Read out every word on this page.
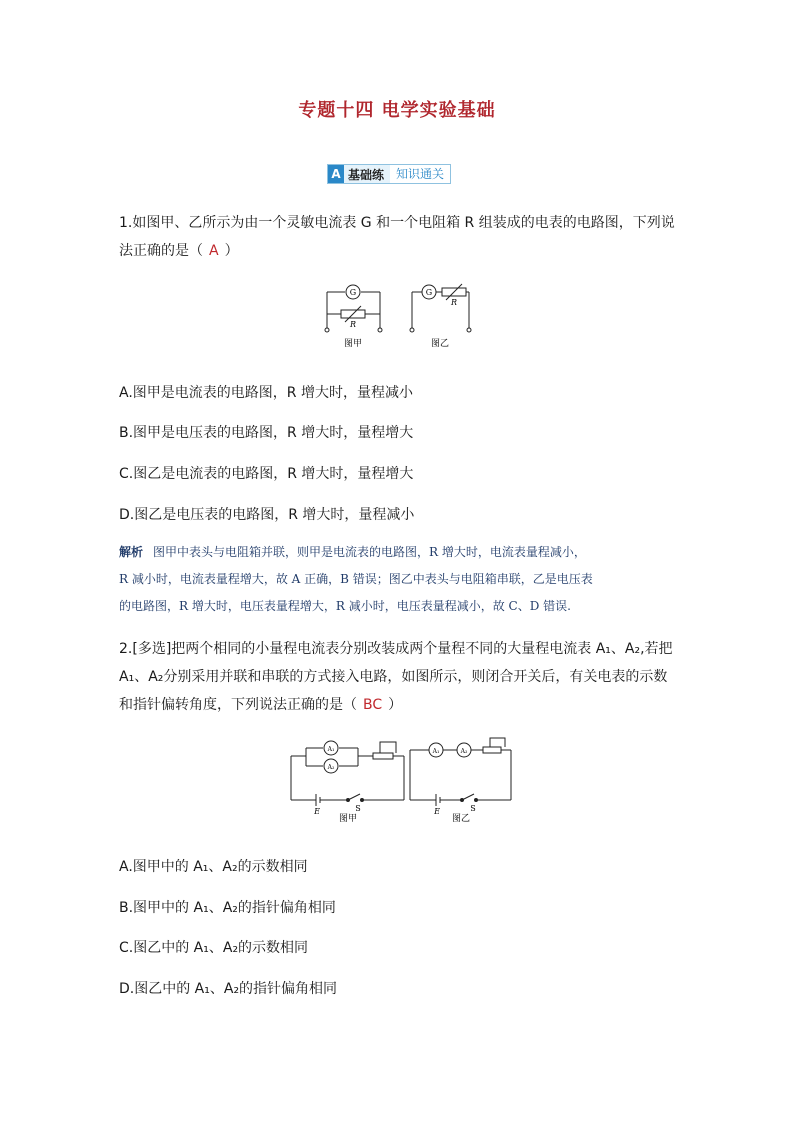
专题十四 电学实验基础
A 基础练	知识通关
1.如图甲、乙所示为由一个灵敏电流表 G 和一个电阻箱 R 组装成的电表的电路图，下列说
法正确的是（ A ）
G	G
R
R
图甲	图乙
A.图甲是电流表的电路图，R 增大时，量程减小
B.图甲是电压表的电路图，R 增大时，量程增大
C.图乙是电流表的电路图，R 增大时，量程增大
D.图乙是电压表的电路图，R 增大时，量程减小
解析 图甲中表头与电阻箱并联，则甲是电流表的电路图，R 增大时，电流表量程减小，
R 减小时，电流表量程增大，故 A 正确，B 错误；图乙中表头与电阻箱串联，乙是电压表
的电路图，R 增大时，电压表量程增大，R 减小时，电压表量程减小，故 C、D 错误.
2.[多选]把两个相同的小量程电流表分别改装成两个量程不同的大量程电流表 A₁、A₂,若把
A₁、A₂分别采用并联和串联的方式接入电路，如图所示，则闭合开关后，有关电表的示数
和指针偏转角度，下列说法正确的是（ BC ）
A₁
A₂
A₁	A₂
E	S	E	S
图甲	图乙
A.图甲中的 A₁、A₂的示数相同
B.图甲中的 A₁、A₂的指针偏角相同
C.图乙中的 A₁、A₂的示数相同
D.图乙中的 A₁、A₂的指针偏角相同
